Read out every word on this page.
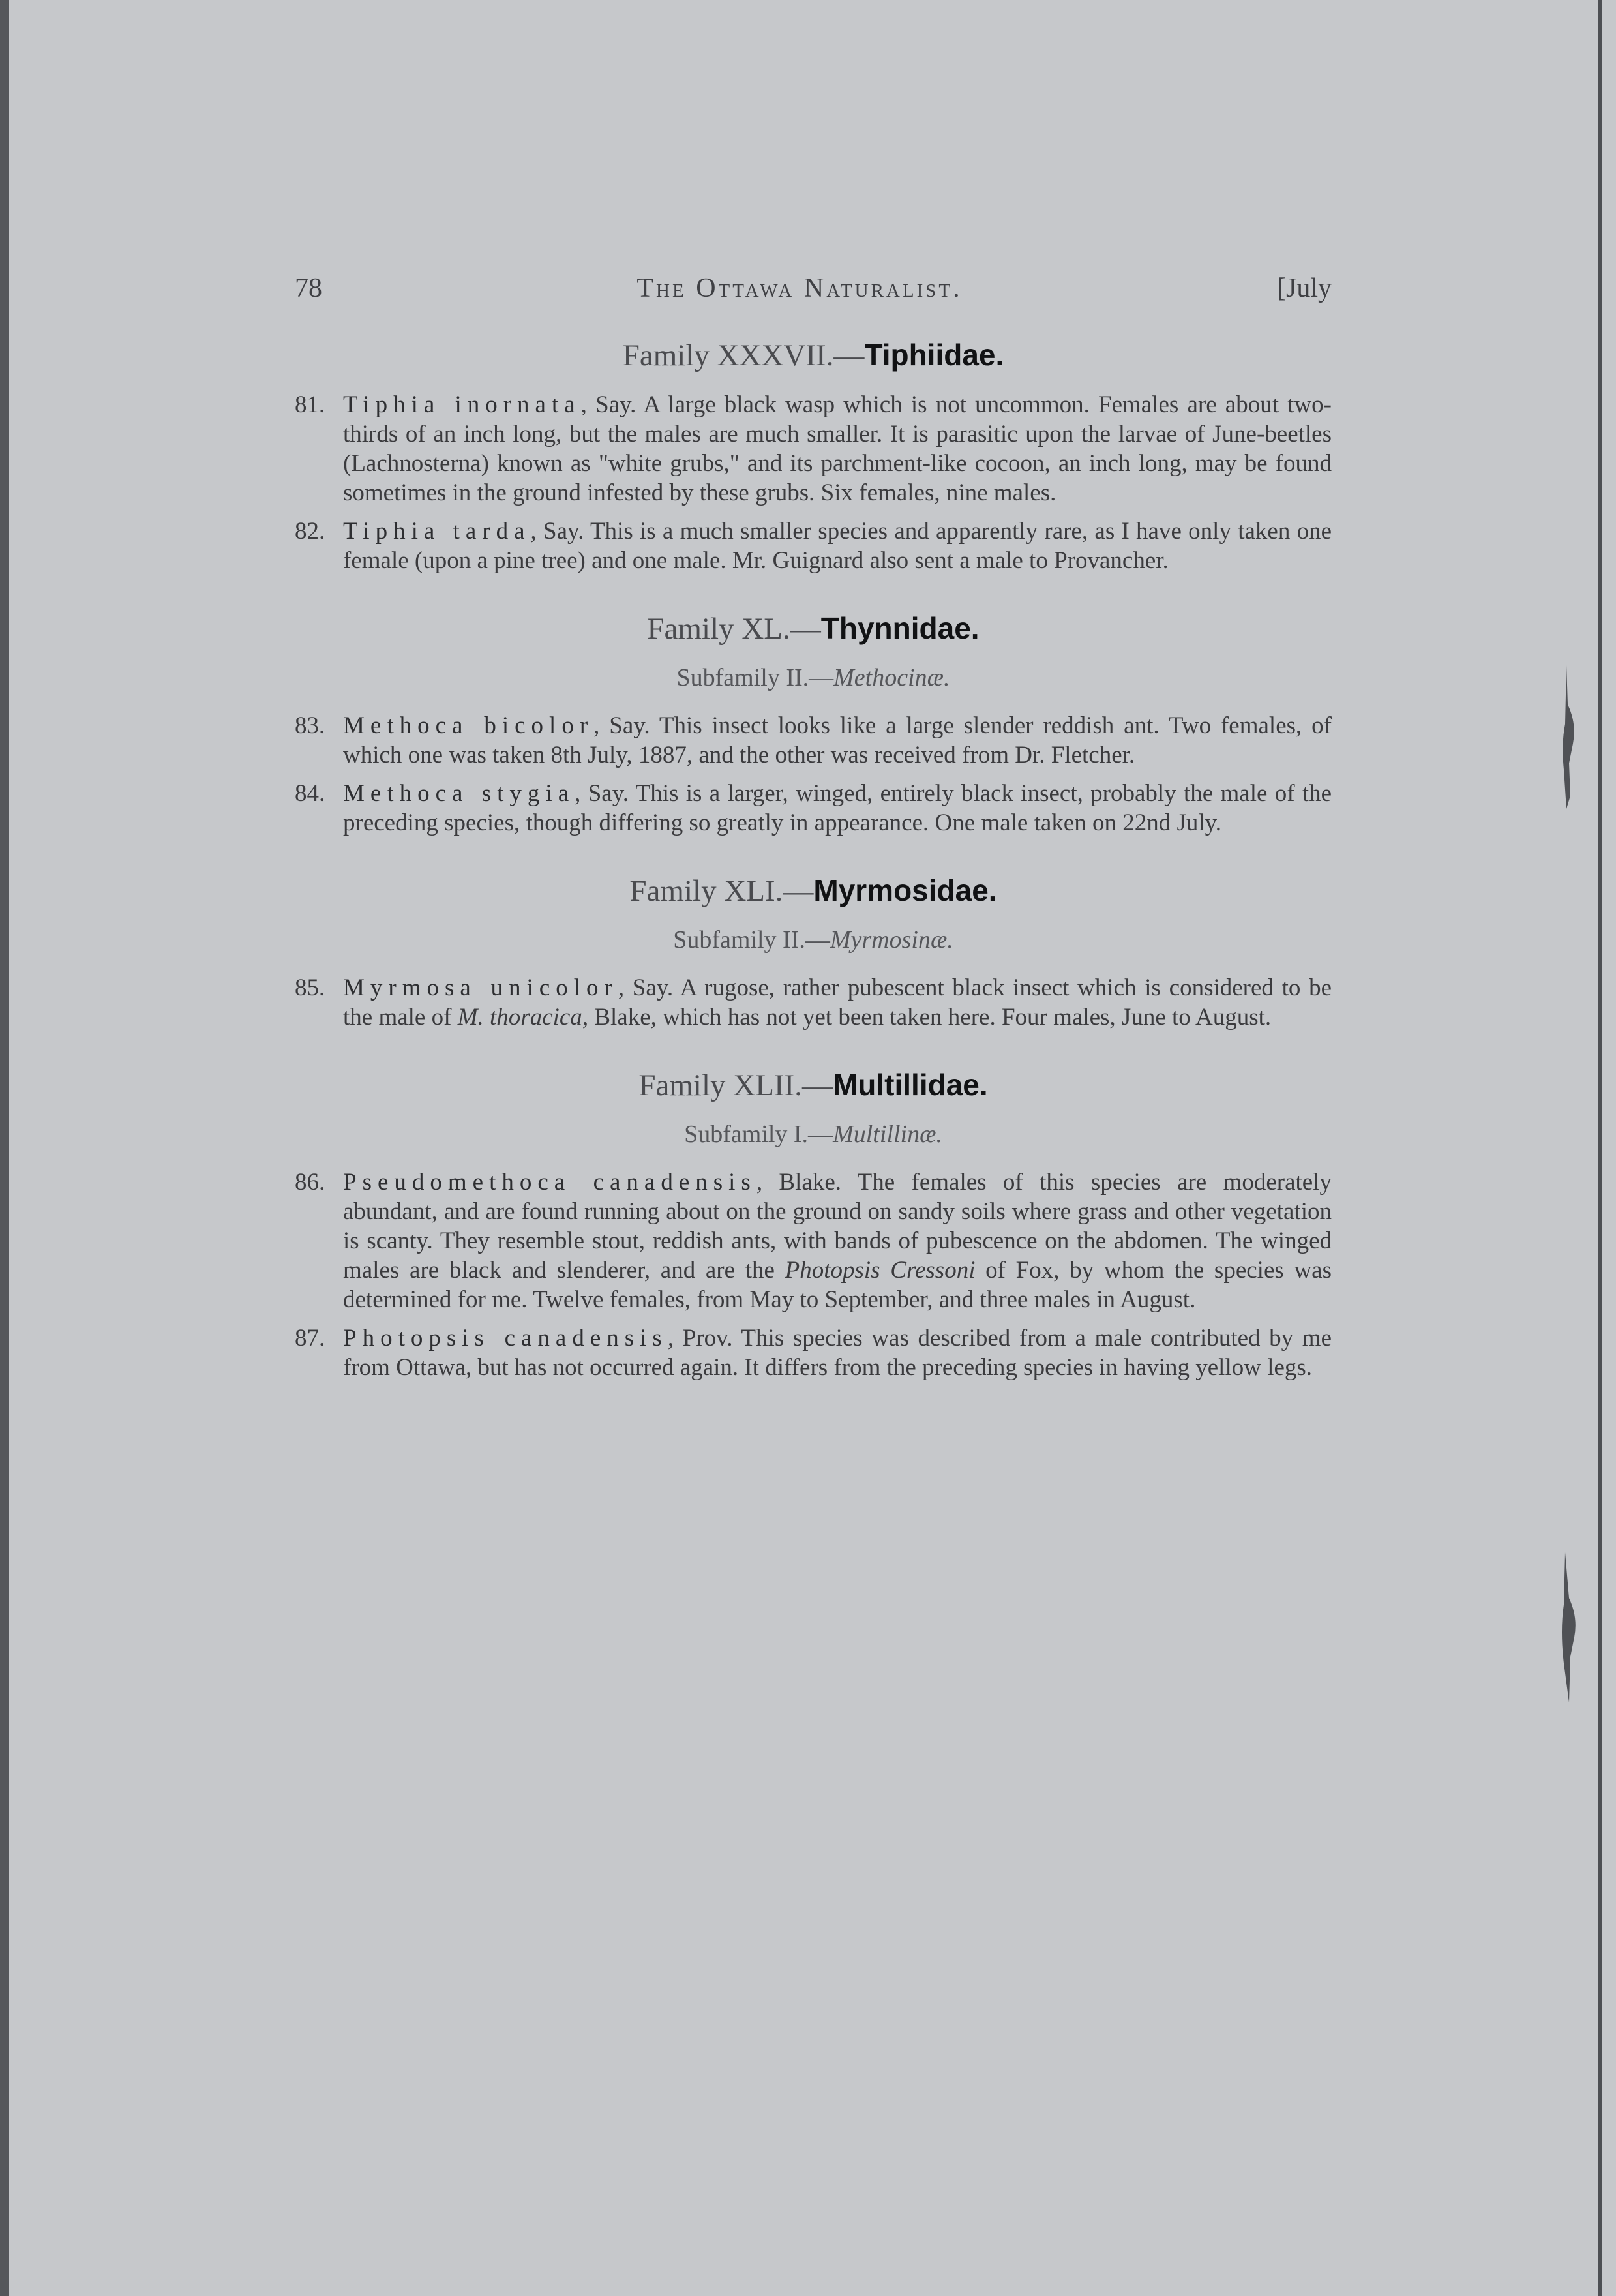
78	The Ottawa Naturalist.	[July
Family XXXVII.—Tiphiidae.
81. Tiphia inornata, Say. A large black wasp which is not uncommon. Females are about two-thirds of an inch long, but the males are much smaller. It is parasitic upon the larvae of June-beetles (Lachnosterna) known as "white grubs," and its parchment-like cocoon, an inch long, may be found sometimes in the ground infested by these grubs. Six females, nine males.
82. Tiphia tarda, Say. This is a much smaller species and apparently rare, as I have only taken one female (upon a pine tree) and one male. Mr. Guignard also sent a male to Provancher.
Family XL.—Thynnidae.
Subfamily II.—Methocinæ.
83. Methoca bicolor, Say. This insect looks like a large slender reddish ant. Two females, of which one was taken 8th July, 1887, and the other was received from Dr. Fletcher.
84. Methoca stygia, Say. This is a larger, winged, entirely black insect, probably the male of the preceding species, though differing so greatly in appearance. One male taken on 22nd July.
Family XLI.—Myrmosidae.
Subfamily II.—Myrmosinæ.
85. Myrmosa unicolor, Say. A rugose, rather pubescent black insect which is considered to be the male of M. thoracica, Blake, which has not yet been taken here. Four males, June to August.
Family XLII.—Multillidae.
Subfamily I.—Multillinæ.
86. Pseudomethoca canadensis, Blake. The females of this species are moderately abundant, and are found running about on the ground on sandy soils where grass and other vegetation is scanty. They resemble stout, reddish ants, with bands of pubescence on the abdomen. The winged males are black and slenderer, and are the Photopsis Cressoni of Fox, by whom the species was determined for me. Twelve females, from May to September, and three males in August.
87. Photopsis canadensis, Prov. This species was described from a male contributed by me from Ottawa, but has not occurred again. It differs from the preceding species in having yellow legs.
